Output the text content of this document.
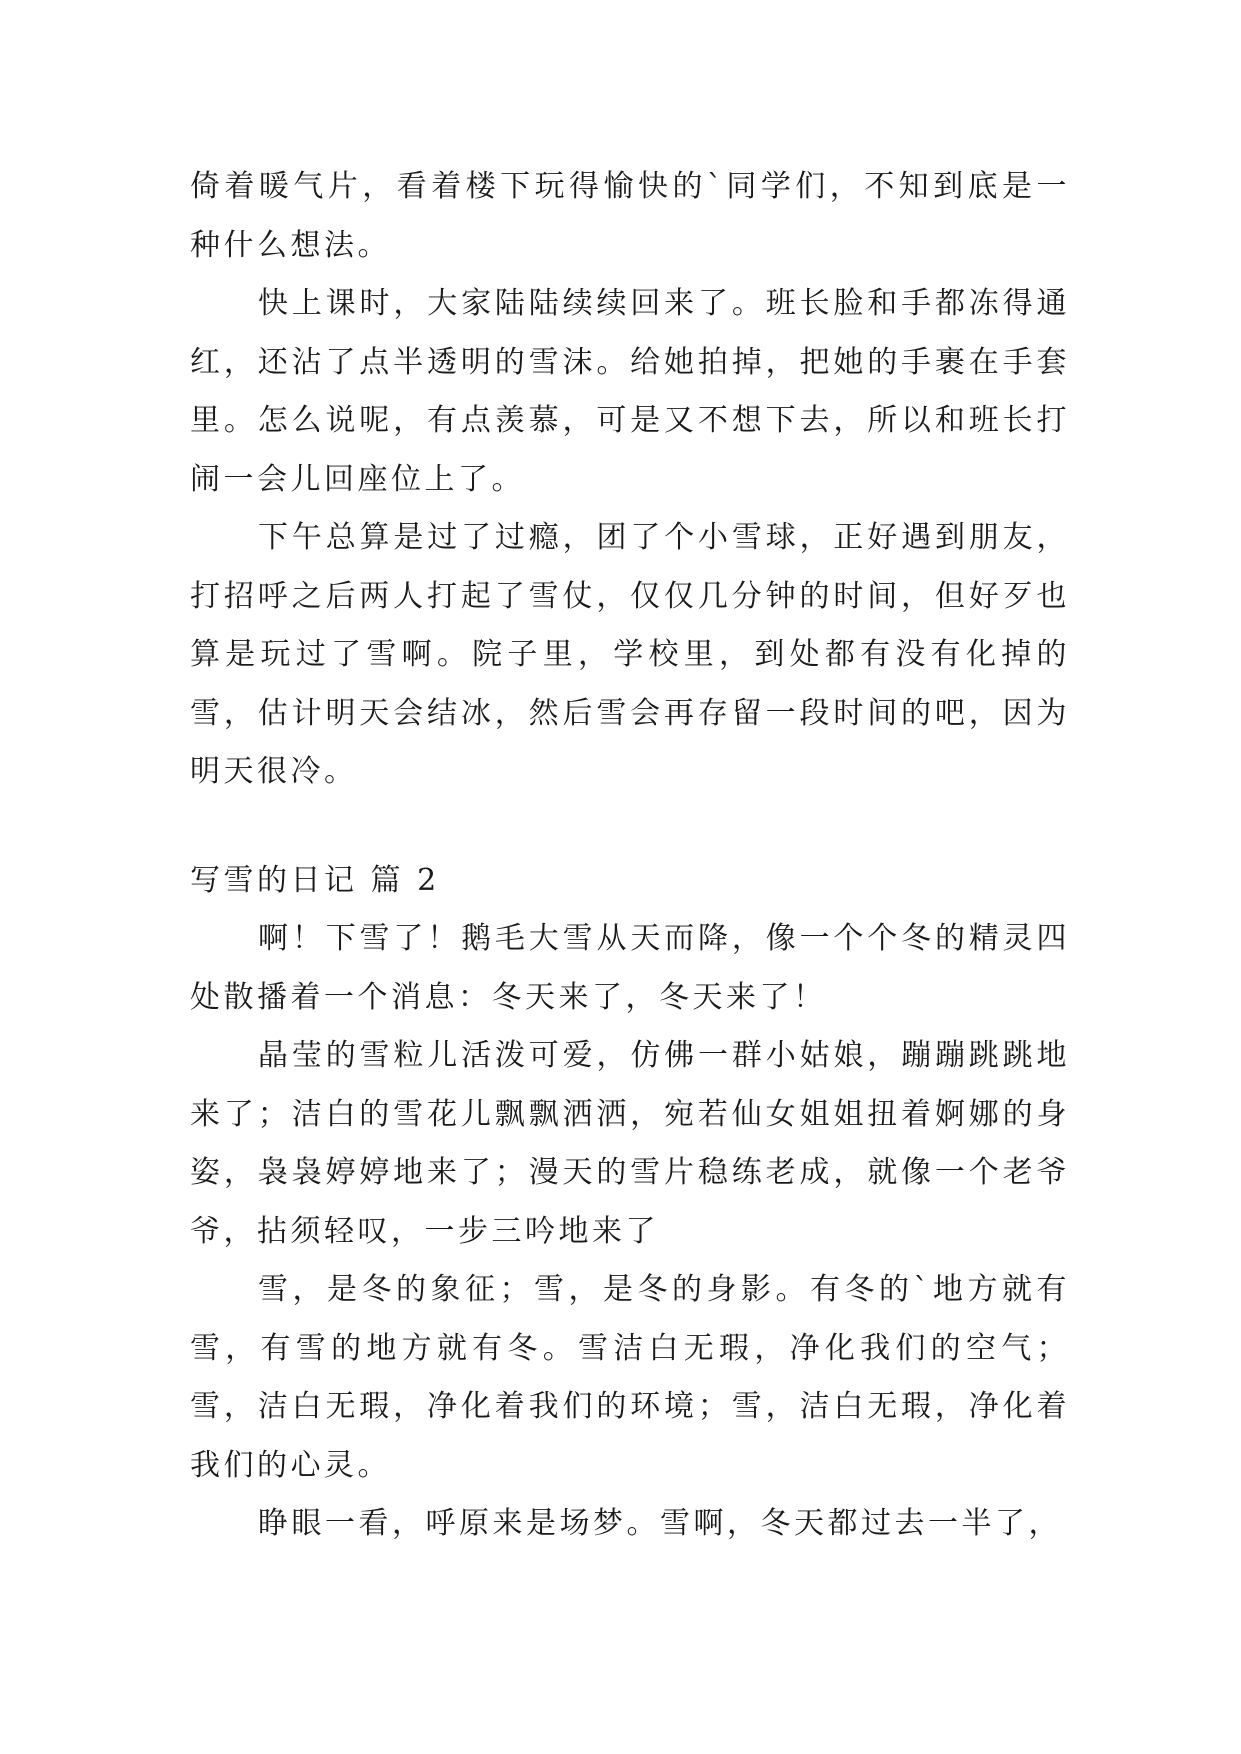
倚着暖气片，看着楼下玩得愉快的`同学们，不知到底是一种什么想法。

快上课时，大家陆陆续续回来了。班长脸和手都冻得通红，还沾了点半透明的雪沫。给她拍掉，把她的手裹在手套里。怎么说呢，有点羡慕，可是又不想下去，所以和班长打闹一会儿回座位上了。

下午总算是过了过瘾，团了个小雪球，正好遇到朋友，打招呼之后两人打起了雪仗，仅仅几分钟的时间，但好歹也算是玩过了雪啊。院子里，学校里，到处都有没有化掉的雪，估计明天会结冰，然后雪会再存留一段时间的吧，因为明天很冷。

写雪的日记 篇 2

啊！下雪了！鹅毛大雪从天而降，像一个个冬的精灵四处散播着一个消息：冬天来了，冬天来了！

晶莹的雪粒儿活泼可爱，仿佛一群小姑娘，蹦蹦跳跳地来了；洁白的雪花儿飘飘洒洒，宛若仙女姐姐扭着婀娜的身姿，袅袅婷婷地来了；漫天的雪片稳练老成，就像一个老爷爷，拈须轻叹，一步三吟地来了

雪，是冬的象征；雪，是冬的身影。有冬的`地方就有雪，有雪的地方就有冬。雪洁白无瑕，净化我们的空气；雪，洁白无瑕，净化着我们的环境；雪，洁白无瑕，净化着我们的心灵。

睁眼一看，呼原来是场梦。雪啊，冬天都过去一半了，
